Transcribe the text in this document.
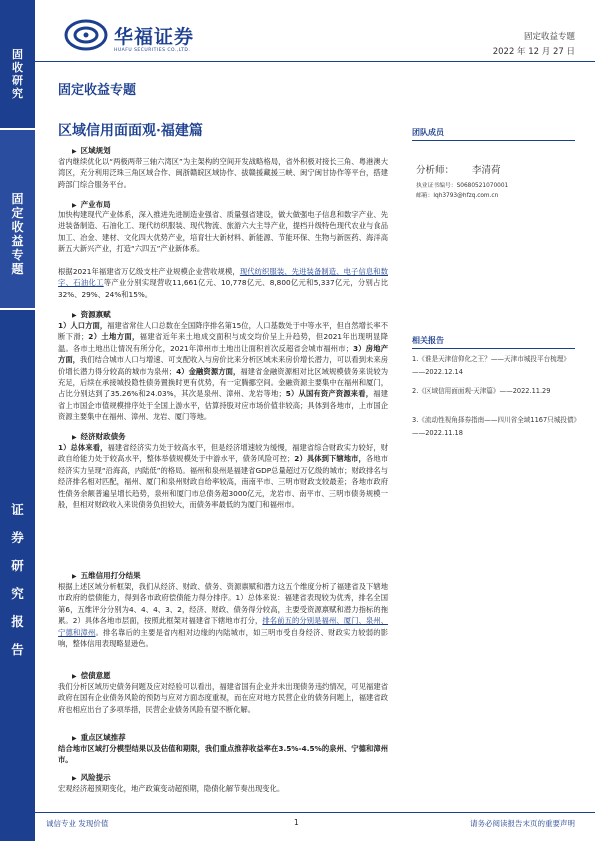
固
收
研
究
固
定
收
益
专
题
证
券
研
究
报
告
华福证券
HUAFU SECURITIES CO.,LTD.
固定收益专题
2022 年 12 月 27 日
固定收益专题
区域信用面面观·福建篇
▶ 区域规划
省内继续优化以“两极两带三轴六湾区”为主架构的空间开发战略格局，省外积极对接长三角、粤港澳大湾区，充分利用泛珠三角区域合作、闽浙赣皖区域协作、拔赣援藏援三峡、闽宁闽甘协作等平台，搭建跨部门综合服务平台。
▶ 产业布局
加快构建现代产业体系，深入推进先进制造业强省、质量强省建设，做大做强电子信息和数字产业、先进装备制造、石油化工、现代纺织服装、现代物流、旅游六大主导产业，提档升级特色现代农业与食品加工、冶金、建材、文化四大优势产业，培育壮大新材料、新能源、节能环保、生物与新医药、海洋高新五大新兴产业，打造“六四五”产业新体系。
根据2021年福建省万亿级支柱产业规模企业营收规模，现代纺织服装、先进装备制造、电子信息和数字、石油化工等产业分别实现营收11,661亿元、10,778亿元、8,800亿元和5,337亿元，分别占比32%、29%、24%和15%。
▶ 资源禀赋
1）人口方面，福建省常住人口总数在全国降序排名第15位，人口基数处于中等水平，但自然增长率不断下滑；2）土地方面，福建省近年来土地成交面积与成交均价呈上升趋势，但2021年出现明显降温。各市土地出让情况有所分化，2021年漳州市土地出让面积首次反超省会城市福州市；3）房地产方面，我们结合城市人口与增速、可支配收入与房价比来分析区域未来房价增长潜力，可以看到未来房价增长潜力得分较高的城市为泉州；4）金融资源方面，福建省金融资源相对比区域规模债务来说较为充足，后续在承接城投隐性债务置换时更有优势，有一定腾挪空间。金融资源主要集中在福州和厦门，占比分别达到了35.26%和24.03%，其次是泉州、漳州、龙岩等地；5）从国有资产资源来看，福建省上市国企市值规模排序处于全国上游水平，估算持股对应市场价值非较高；具体到各地市，上市国企资源主要集中在福州、漳州、龙岩、厦门等地。
▶ 经济财政债务
1）总体来看，福建省经济实力处于较高水平，但是经济增速较为缓慢，福建省综合财政实力较好，财政自给能力处于较高水平，整体举债规模处于中游水平，债务风险可控；2）具体到下辖地市，各地市经济实力呈现“沿海高，内陆低”的格局。福州和泉州是福建省GDP总量超过万亿级的城市；财政排名与经济排名相对匹配，福州、厦门和泉州财政自给率较高，南南平市、三明市财政支较最差；各地市政府性债务余额普遍呈增长趋势，泉州和厦门市总债务超3000亿元，龙岩市、南平市、三明市债务规模一般，但相对财政收入来说债务负担较大，而债务率最低的为厦门和福州市。
▶ 五维信用打分结果
根据上述区域分析框架，我们从经济、财政、债务、资源禀赋和潜力这五个维度分析了福建省及下辖地市政府的偿债能力，得到各市政府偿债能力得分排序。1）总体来说：福建省表现较为优秀，排名全国第6，五维评分分别为4、4、4、3、2，经济、财政、债务得分较高，主要受资源禀赋和潜力指标的拖累。2）具体各地市层面，按照此框架对福建省下辖地市打分，排名前五的分别是福州、厦门、泉州、宁德和漳州。排名靠后的主要是省内相对边缘的内陆城市，如三明市受自身经济、财政实力较弱的影响，整体信用表现略显逊色。
▶ 偿债意愿
我们分析区域历史债务问题及应对经验可以看出，福建省国有企业并未出现债务违约情况，可见福建省政府在国有企业债务风险的预防与应对方面态度重视，而在应对地方民营企业的债务问题上，福建省政府也相应出台了多项举措，民营企业债务风险有望不断化解。
▶ 重点区域推荐
结合地市区域打分模型结果以及估值和期限，我们重点推荐收益率在3.5%-4.5%的泉州、宁德和漳州市。
▶ 风险提示
宏观经济超预期变化，地产政策变动超预期，隐债化解节奏出现变化。
团队成员
分析师： 李清荷
执业证书编号：S0680521070001
邮箱：lqh3793@hfzq.com.cn
相关报告
1.《谁是天津信仰化之王？——天津市城投平台梳理》——2022.12.14
2.《区域信用面面观·天津篇》——2022.11.29
3.《流动性视角择券指南——四川省全域1167只城投债》——2022.11.18
诚信专业 发现价值	1	请务必阅读报告末页的重要声明
